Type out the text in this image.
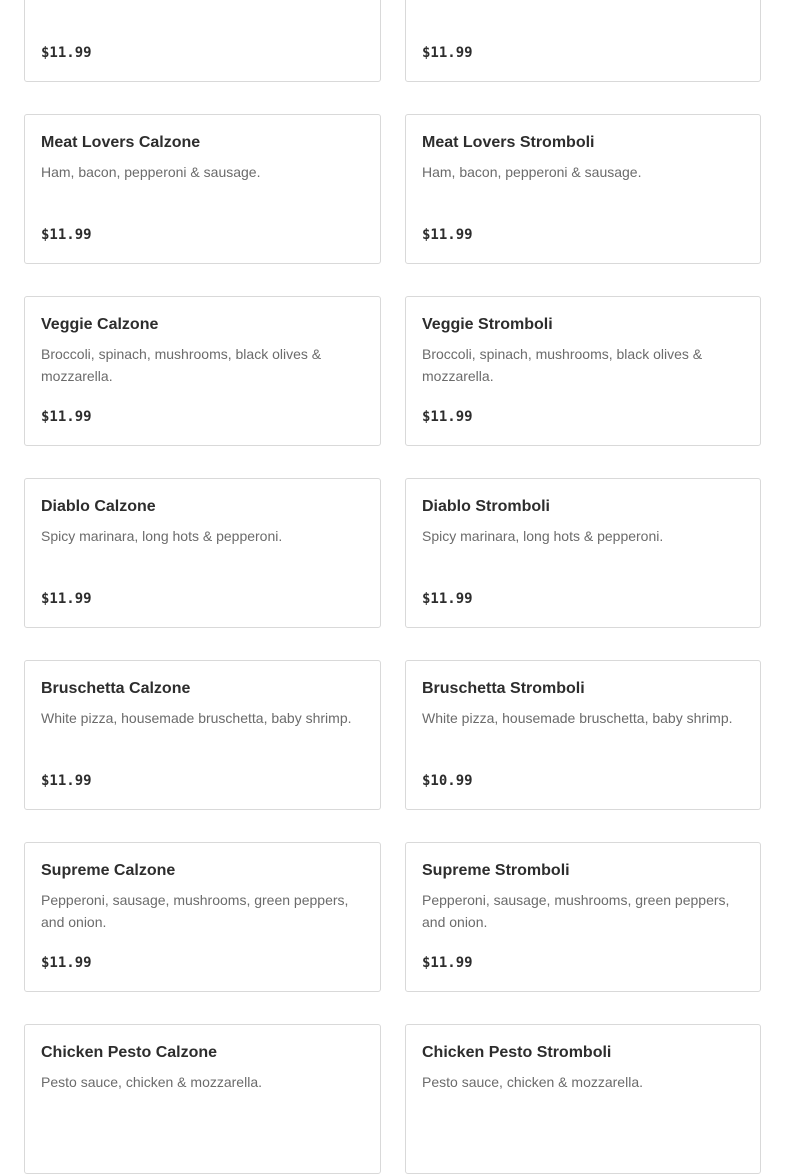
$11.99	$11.99
Meat Lovers Calzone
Ham, bacon, pepperoni & sausage.
$11.99
Meat Lovers Stromboli
Ham, bacon, pepperoni & sausage.
$11.99
Veggie Calzone
Broccoli, spinach, mushrooms, black olives & mozzarella.
$11.99
Veggie Stromboli
Broccoli, spinach, mushrooms, black olives & mozzarella.
$11.99
Diablo Calzone
Spicy marinara, long hots & pepperoni.
$11.99
Diablo Stromboli
Spicy marinara, long hots & pepperoni.
$11.99
Bruschetta Calzone
White pizza, housemade bruschetta, baby shrimp.
$11.99
Bruschetta Stromboli
White pizza, housemade bruschetta, baby shrimp.
$10.99
Supreme Calzone
Pepperoni, sausage, mushrooms, green peppers, and onion.
$11.99
Supreme Stromboli
Pepperoni, sausage, mushrooms, green peppers, and onion.
$11.99
Chicken Pesto Calzone
Pesto sauce, chicken & mozzarella.
Chicken Pesto Stromboli
Pesto sauce, chicken & mozzarella.
